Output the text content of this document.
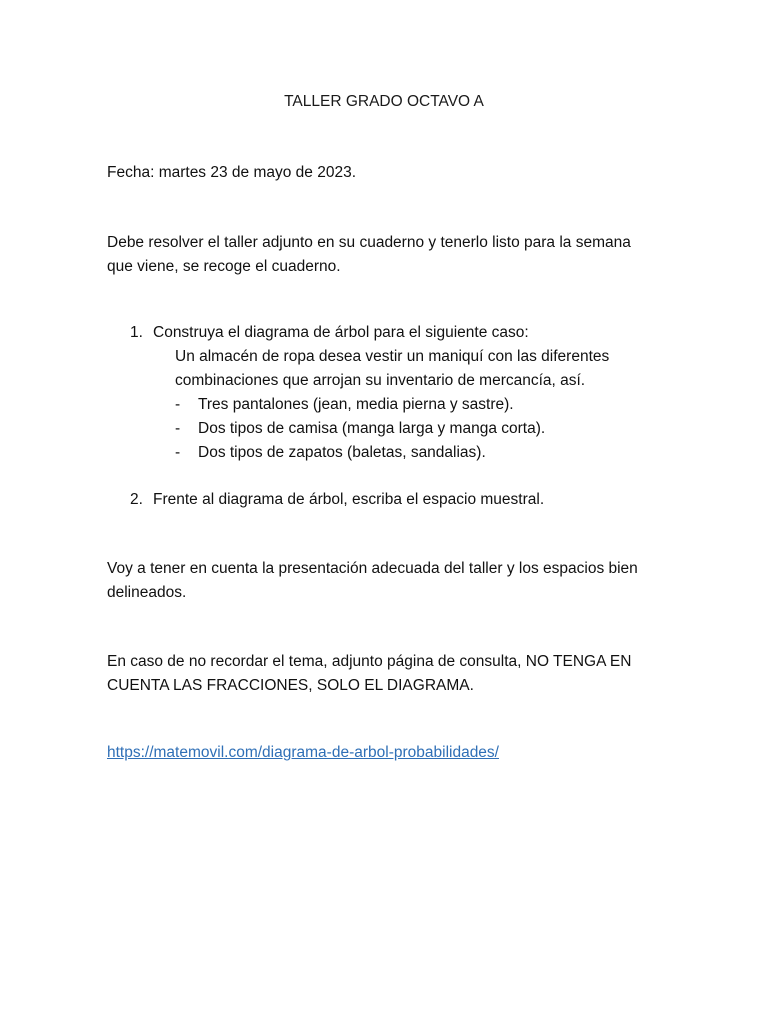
TALLER GRADO OCTAVO A
Fecha: martes 23 de mayo de 2023.
Debe resolver el taller adjunto en su cuaderno y tenerlo listo para la semana
que viene, se recoge el cuaderno.
1. Construya el diagrama de árbol para el siguiente caso:
Un almacén de ropa desea vestir un maniquí con las diferentes
combinaciones que arrojan su inventario de mercancía, así.
- Tres pantalones (jean, media pierna y sastre).
- Dos tipos de camisa (manga larga y manga corta).
- Dos tipos de zapatos (baletas, sandalias).
2. Frente al diagrama de árbol, escriba el espacio muestral.
Voy a tener en cuenta la presentación adecuada del taller y los espacios bien
delineados.
En caso de no recordar el tema, adjunto página de consulta, NO TENGA EN
CUENTA LAS FRACCIONES, SOLO EL DIAGRAMA.
https://matemovil.com/diagrama-de-arbol-probabilidades/
